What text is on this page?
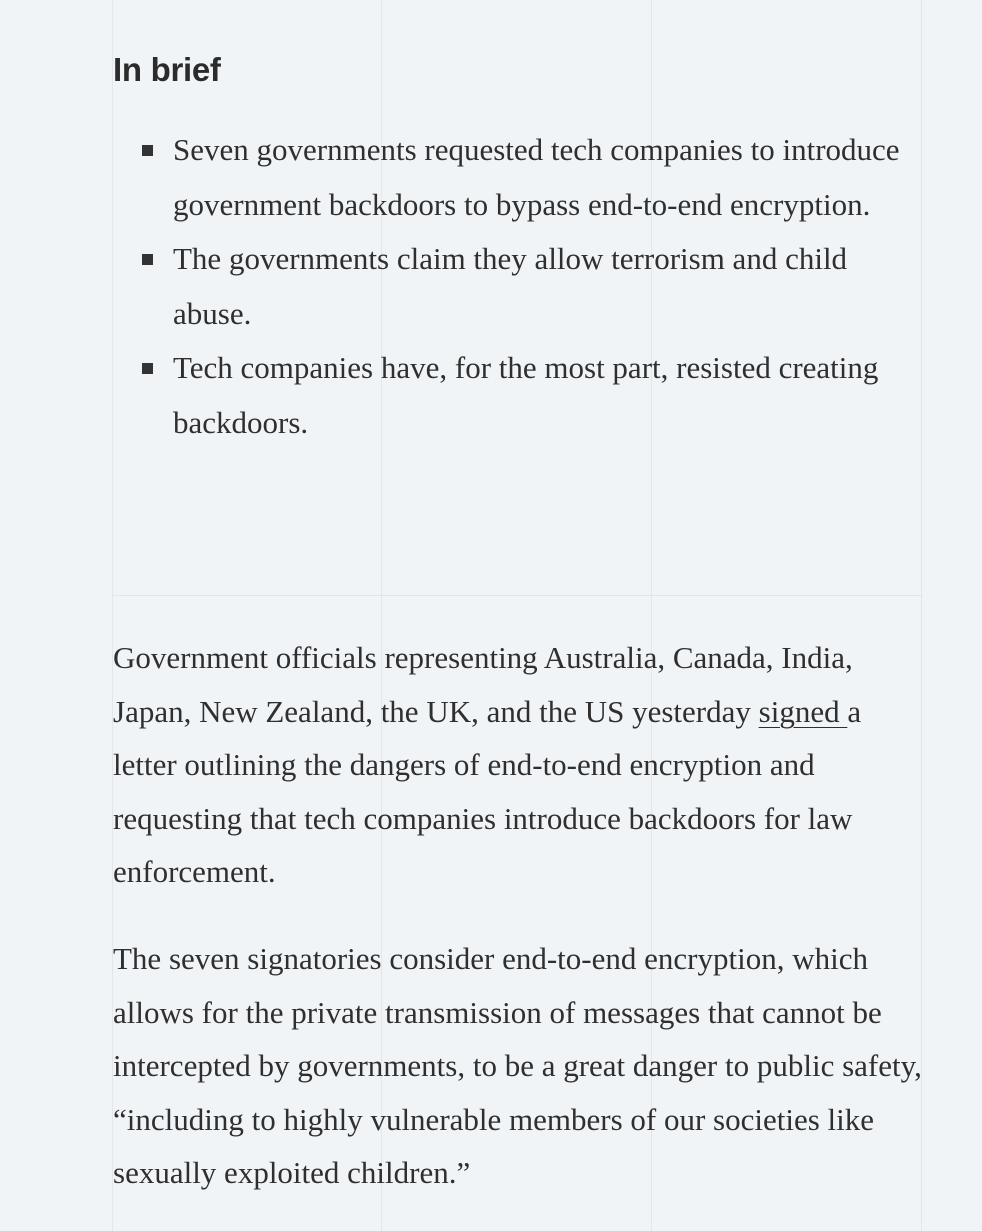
In brief
Seven governments requested tech companies to introduce government backdoors to bypass end-to-end encryption.
The governments claim they allow terrorism and child abuse.
Tech companies have, for the most part, resisted creating backdoors.

Government officials representing Australia, Canada, India, Japan, New Zealand, the UK, and the US yesterday signed a letter outlining the dangers of end-to-end encryption and requesting that tech companies introduce backdoors for law enforcement.

The seven signatories consider end-to-end encryption, which allows for the private transmission of messages that cannot be intercepted by governments, to be a great danger to public safety, “including to highly vulnerable members of our societies like sexually exploited children.”
